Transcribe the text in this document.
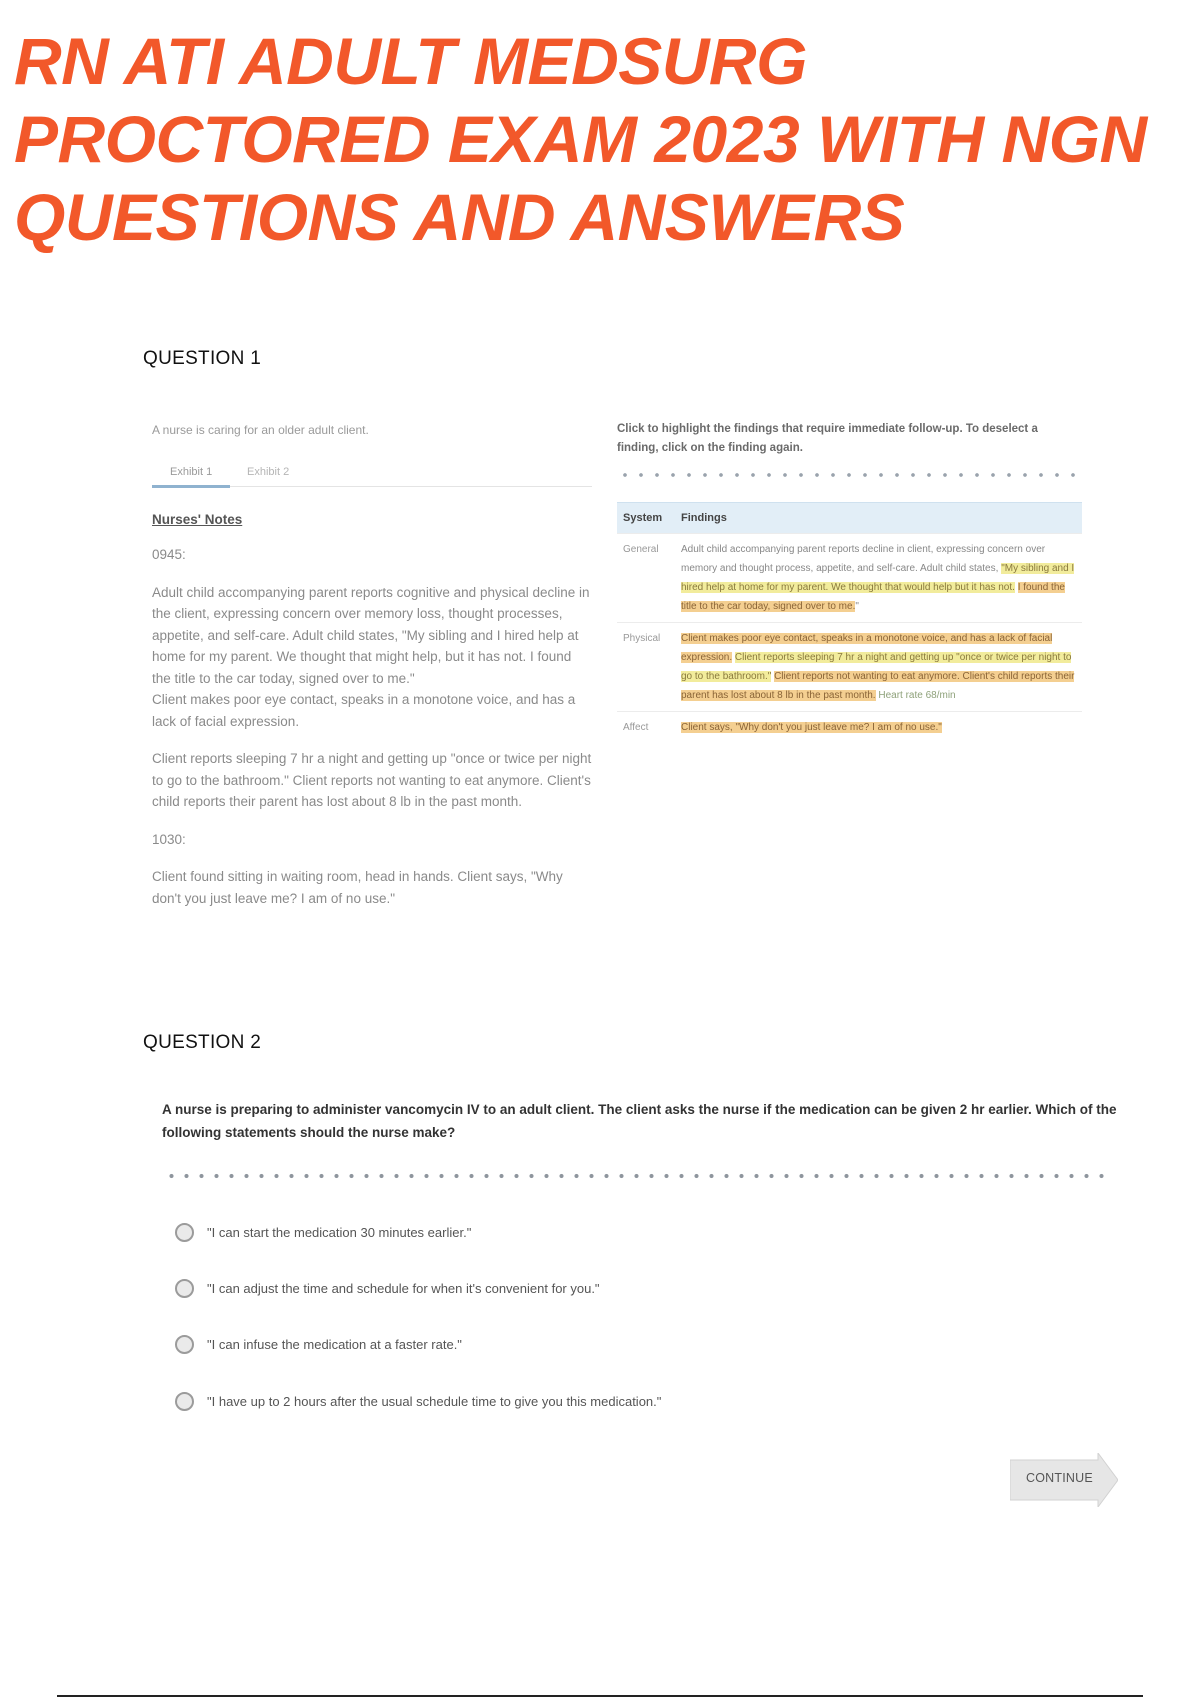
RN ATI ADULT MEDSURG PROCTORED EXAM 2023 WITH NGN QUESTIONS AND ANSWERS
QUESTION 1
A nurse is caring for an older adult client.
Exhibit 1	Exhibit 2
Nurses' Notes
0945:
Adult child accompanying parent reports cognitive and physical decline in the client, expressing concern over memory loss, thought processes, appetite, and self-care. Adult child states, "My sibling and I hired help at home for my parent. We thought that might help, but it has not. I found the title to the car today, signed over to me."
Client makes poor eye contact, speaks in a monotone voice, and has a lack of facial expression.
Client reports sleeping 7 hr a night and getting up "once or twice per night to go to the bathroom." Client reports not wanting to eat anymore. Client's child reports their parent has lost about 8 lb in the past month.
1030:
Client found sitting in waiting room, head in hands. Client says, "Why don't you just leave me? I am of no use."
Click to highlight the findings that require immediate follow-up. To deselect a finding, click on the finding again.
System	Findings
General	Adult child accompanying parent reports decline in client, expressing concern over memory and thought process, appetite, and self-care. Adult child states, "My sibling and I hired help at home for my parent. We thought that would help but it has not. I found the title to the car today, signed over to me."
Physical	Client makes poor eye contact, speaks in a monotone voice, and has a lack of facial expression. Client reports sleeping 7 hr a night and getting up "once or twice per night to go to the bathroom." Client reports not wanting to eat anymore. Client's child reports their parent has lost about 8 lb in the past month. Heart rate 68/min
Affect	Client says, "Why don't you just leave me? I am of no use."
QUESTION 2
A nurse is preparing to administer vancomycin IV to an adult client. The client asks the nurse if the medication can be given 2 hr earlier. Which of the following statements should the nurse make?
"I can start the medication 30 minutes earlier."
"I can adjust the time and schedule for when it's convenient for you."
"I can infuse the medication at a faster rate."
"I have up to 2 hours after the usual schedule time to give you this medication."
CONTINUE
